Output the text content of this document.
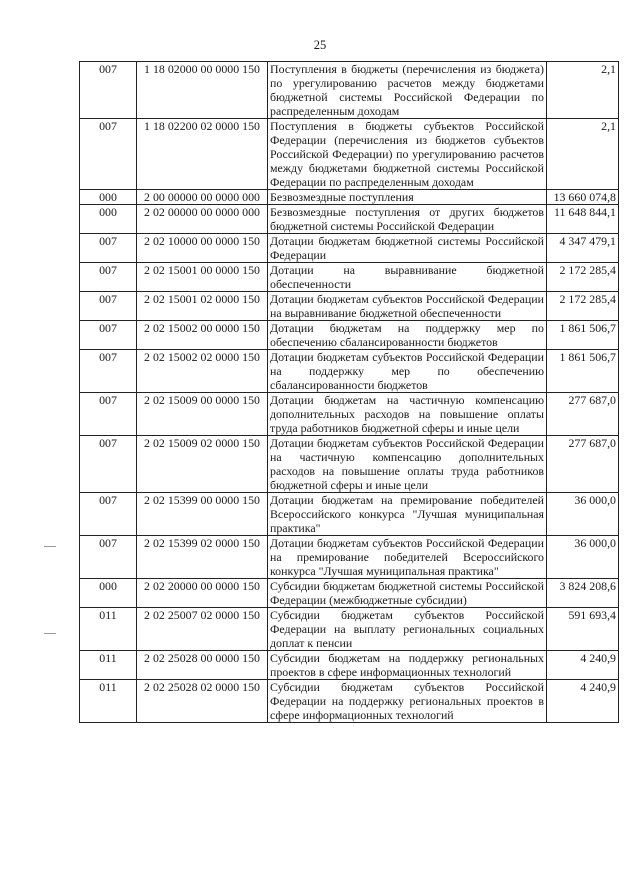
25
007	1 18 02000 00 0000 150	Поступления в бюджеты (перечисления из бюджета) по урегулированию расчетов между бюджетами бюджетной системы Российской Федерации по распределенным доходам	2,1
007	1 18 02200 02 0000 150	Поступления в бюджеты субъектов Российской Федерации (перечисления из бюджетов субъектов Российской Федерации) по урегулированию расчетов между бюджетами бюджетной системы Российской Федерации по распределенным доходам	2,1
000	2 00 00000 00 0000 000	Безвозмездные поступления	13 660 074,8
000	2 02 00000 00 0000 000	Безвозмездные поступления от других бюджетов бюджетной системы Российской Федерации	11 648 844,1
007	2 02 10000 00 0000 150	Дотации бюджетам бюджетной системы Российской Федерации	4 347 479,1
007	2 02 15001 00 0000 150	Дотации на выравнивание бюджетной обеспеченности	2 172 285,4
007	2 02 15001 02 0000 150	Дотации бюджетам субъектов Российской Федерации на выравнивание бюджетной обеспеченности	2 172 285,4
007	2 02 15002 00 0000 150	Дотации бюджетам на поддержку мер по обеспечению сбалансированности бюджетов	1 861 506,7
007	2 02 15002 02 0000 150	Дотации бюджетам субъектов Российской Федерации на поддержку мер по обеспечению сбалансированности бюджетов	1 861 506,7
007	2 02 15009 00 0000 150	Дотации бюджетам на частичную компенсацию дополнительных расходов на повышение оплаты труда работников бюджетной сферы и иные цели	277 687,0
007	2 02 15009 02 0000 150	Дотации бюджетам субъектов Российской Федерации на частичную компенсацию дополнительных расходов на повышение оплаты труда работников бюджетной сферы и иные цели	277 687,0
007	2 02 15399 00 0000 150	Дотации бюджетам на премирование победителей Всероссийского конкурса "Лучшая муниципальная практика"	36 000,0
007	2 02 15399 02 0000 150	Дотации бюджетам субъектов Российской Федерации на премирование победителей Всероссийского конкурса "Лучшая муниципальная практика"	36 000,0
000	2 02 20000 00 0000 150	Субсидии бюджетам бюджетной системы Российской Федерации (межбюджетные субсидии)	3 824 208,6
011	2 02 25007 02 0000 150	Субсидии бюджетам субъектов Российской Федерации на выплату региональных социальных доплат к пенсии	591 693,4
011	2 02 25028 00 0000 150	Субсидии бюджетам на поддержку региональных проектов в сфере информационных технологий	4 240,9
011	2 02 25028 02 0000 150	Субсидии бюджетам субъектов Российской Федерации на поддержку региональных проектов в сфере информационных технологий	4 240,9
